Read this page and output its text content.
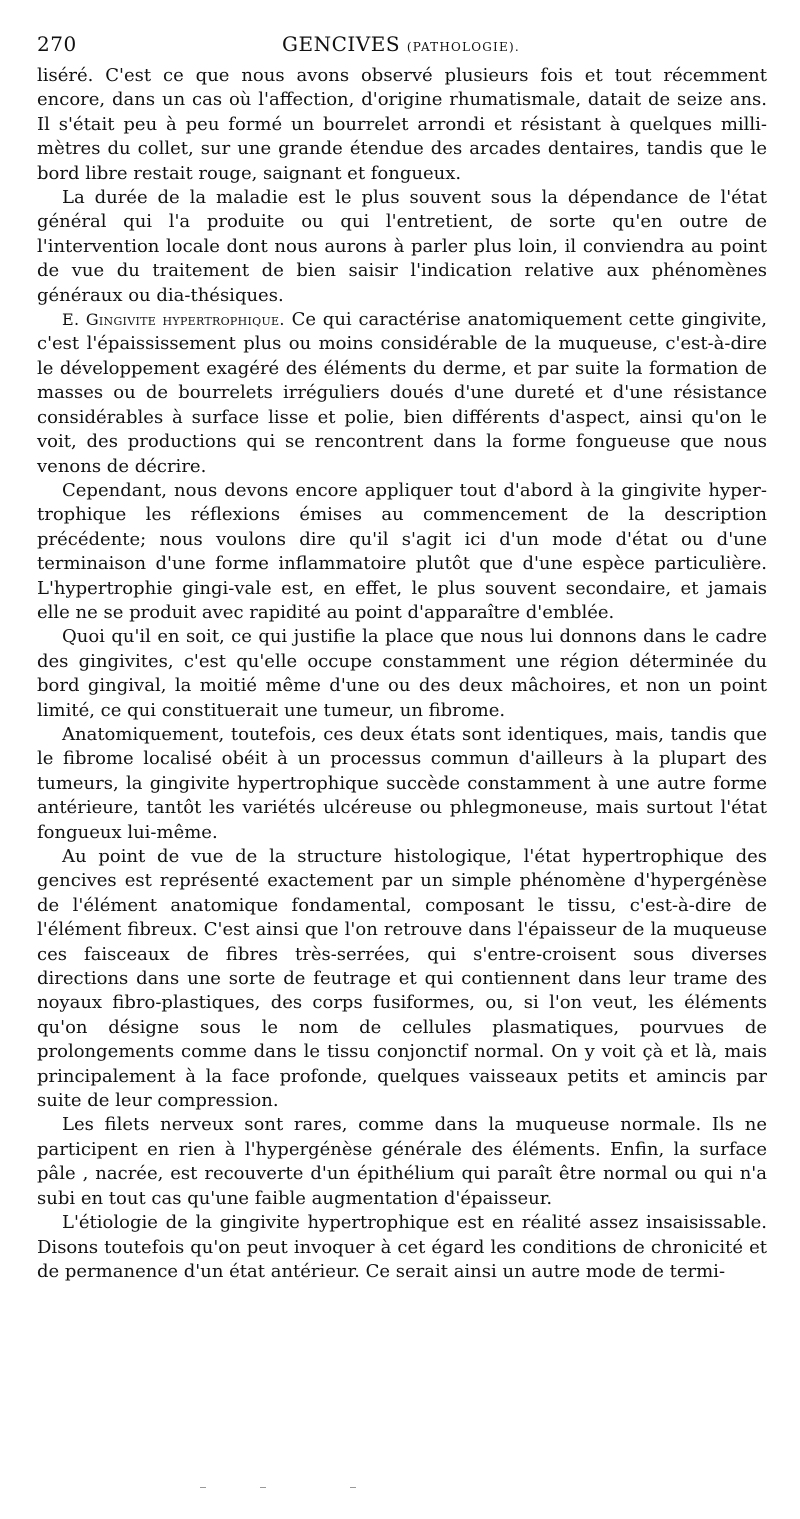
270	GENCIVES (PATHOLOGIE).

liséré. C'est ce que nous avons observé plusieurs fois et tout récemment encore, dans un cas où l'affection, d'origine rhumatismale, datait de seize ans. Il s'était peu à peu formé un bourrelet arrondi et résistant à quelques milli-mètres du collet, sur une grande étendue des arcades dentaires, tandis que le bord libre restait rouge, saignant et fongueux.

La durée de la maladie est le plus souvent sous la dépendance de l'état général qui l'a produite ou qui l'entretient, de sorte qu'en outre de l'intervention locale dont nous aurons à parler plus loin, il conviendra au point de vue du traitement de bien saisir l'indication relative aux phénomènes généraux ou dia-thésiques.

E. Gingivite hypertrophique. Ce qui caractérise anatomiquement cette gingivite, c'est l'épaississement plus ou moins considérable de la muqueuse, c'est-à-dire le développement exagéré des éléments du derme, et par suite la formation de masses ou de bourrelets irréguliers doués d'une dureté et d'une résistance considérables à surface lisse et polie, bien différents d'aspect, ainsi qu'on le voit, des productions qui se rencontrent dans la forme fongueuse que nous venons de décrire.

Cependant, nous devons encore appliquer tout d'abord à la gingivite hyper-trophique les réflexions émises au commencement de la description précédente; nous voulons dire qu'il s'agit ici d'un mode d'état ou d'une terminaison d'une forme inflammatoire plutôt que d'une espèce particulière. L'hypertrophie gingi-vale est, en effet, le plus souvent secondaire, et jamais elle ne se produit avec rapidité au point d'apparaître d'emblée.

Quoi qu'il en soit, ce qui justifie la place que nous lui donnons dans le cadre des gingivites, c'est qu'elle occupe constamment une région déterminée du bord gingival, la moitié même d'une ou des deux mâchoires, et non un point limité, ce qui constituerait une tumeur, un fibrome.

Anatomiquement, toutefois, ces deux états sont identiques, mais, tandis que le fibrome localisé obéit à un processus commun d'ailleurs à la plupart des tumeurs, la gingivite hypertrophique succède constamment à une autre forme antérieure, tantôt les variétés ulcéreuse ou phlegmoneuse, mais surtout l'état fongueux lui-même.

Au point de vue de la structure histologique, l'état hypertrophique des gencives est représenté exactement par un simple phénomène d'hypergénèse de l'élément anatomique fondamental, composant le tissu, c'est-à-dire de l'élément fibreux. C'est ainsi que l'on retrouve dans l'épaisseur de la muqueuse ces faisceaux de fibres très-serrées, qui s'entre-croisent sous diverses directions dans une sorte de feutrage et qui contiennent dans leur trame des noyaux fibro-plastiques, des corps fusiformes, ou, si l'on veut, les éléments qu'on désigne sous le nom de cellules plasmatiques, pourvues de prolongements comme dans le tissu conjonctif normal. On y voit çà et là, mais principalement à la face profonde, quelques vaisseaux petits et amincis par suite de leur compression.

Les filets nerveux sont rares, comme dans la muqueuse normale. Ils ne participent en rien à l'hypergénèse générale des éléments. Enfin, la surface pâle , nacrée, est recouverte d'un épithélium qui paraît être normal ou qui n'a subi en tout cas qu'une faible augmentation d'épaisseur.

L'étiologie de la gingivite hypertrophique est en réalité assez insaisissable. Disons toutefois qu'on peut invoquer à cet égard les conditions de chronicité et de permanence d'un état antérieur. Ce serait ainsi un autre mode de termi-
